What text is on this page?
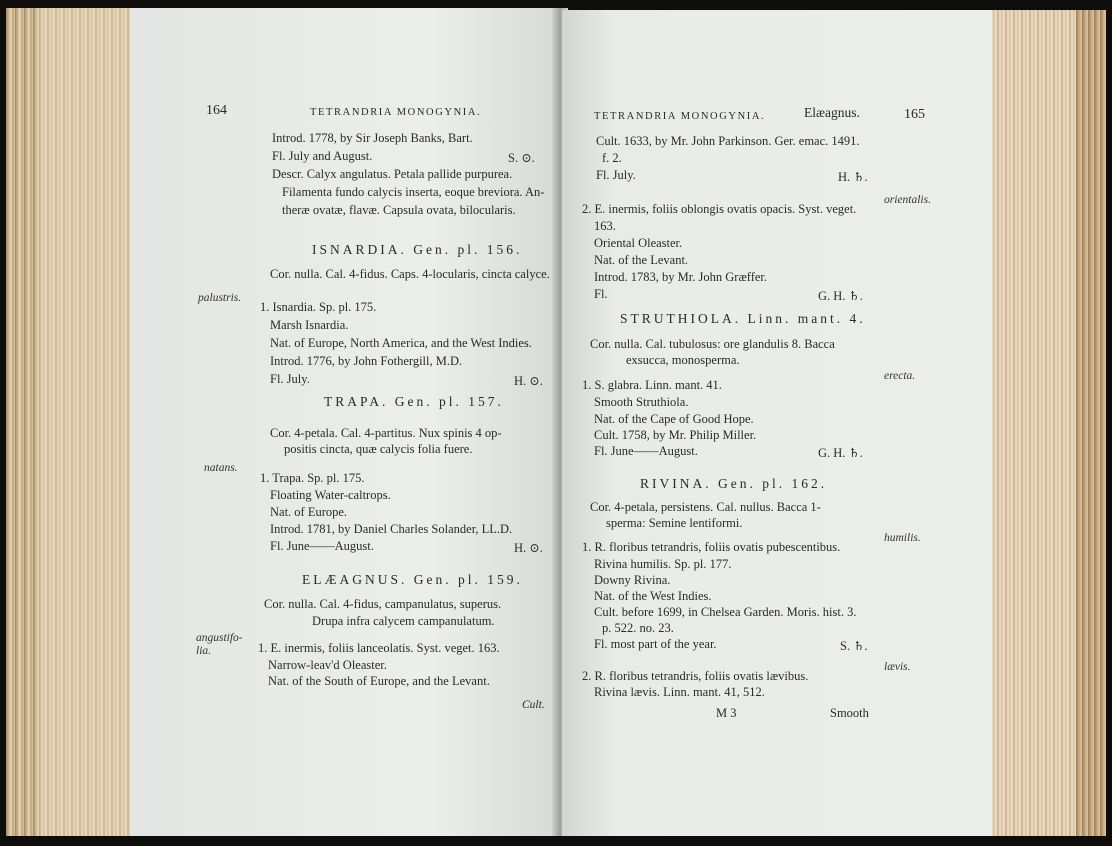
164	TETRANDRIA MONOGYNIA.
Introd. 1778, by Sir Joseph Banks, Bart.
Fl. July and August.	S. ⊙.
Descr. Calyx angulatus. Petala pallide purpurea.
Filamenta fundo calycis inserta, eoque breviora. An-
theræ ovatæ, flavæ. Capsula ovata, bilocularis.
ISNARDIA. Gen. pl. 156.
Cor. nulla. Cal. 4-fidus. Caps. 4-locularis, cincta calyce.
1. Isnardia. Sp. pl. 175.
Marsh Isnardia.
Nat. of Europe, North America, and the West Indies.
Introd. 1776, by John Fothergill, M.D.
Fl. July.	H. ⊙.
TRAPA. Gen. pl. 157.
Cor. 4-petala. Cal. 4-partitus. Nux spinis 4 op-
positis cincta, quæ calycis folia fuere.
1. Trapa. Sp. pl. 175.
Floating Water-caltrops.
Nat. of Europe.
Introd. 1781, by Daniel Charles Solander, LL.D.
Fl. June——August.	H. ⊙.
ELÆAGNUS. Gen. pl. 159.
Cor. nulla. Cal. 4-fidus, campanulatus, superus.
Drupa infra calycem campanulatum.
1. E. inermis, foliis lanceolatis. Syst. veget. 163.
Narrow-leav'd Oleaster.
Nat. of the South of Europe, and the Levant.
Cult.
palustris.
natans.
angustifo-
lia.
TETRANDRIA MONOGYNIA.	Elæagnus.	165
Cult. 1633, by Mr. John Parkinson. Ger. emac. 1491.
f. 2.
Fl. July.	H. ♄.
2. E. inermis, foliis oblongis ovatis opacis. Syst. veget.
163.
Oriental Oleaster.
Nat. of the Levant.
Introd. 1783, by Mr. John Græffer.
Fl.	G. H. ♄.
STRUTHIOLA. Linn. mant. 4.
Cor. nulla. Cal. tubulosus: ore glandulis 8. Bacca
exsucca, monosperma.
1. S. glabra. Linn. mant. 41.
Smooth Struthiola.
Nat. of the Cape of Good Hope.
Cult. 1758, by Mr. Philip Miller.
Fl. June——August.	G. H. ♄.
RIVINA. Gen. pl. 162.
Cor. 4-petala, persistens. Cal. nullus. Bacca 1-
sperma: Semine lentiformi.
1. R. floribus tetrandris, foliis ovatis pubescentibus.
Rivina humilis. Sp. pl. 177.
Downy Rivina.
Nat. of the West Indies.
Cult. before 1699, in Chelsea Garden. Moris. hist. 3.
p. 522. no. 23.
Fl. most part of the year.	S. ♄.
2. R. floribus tetrandris, foliis ovatis lævibus.
Rivina lævis. Linn. mant. 41, 512.
M 3	Smooth
orientalis.
erecta.
humilis.
lævis.
